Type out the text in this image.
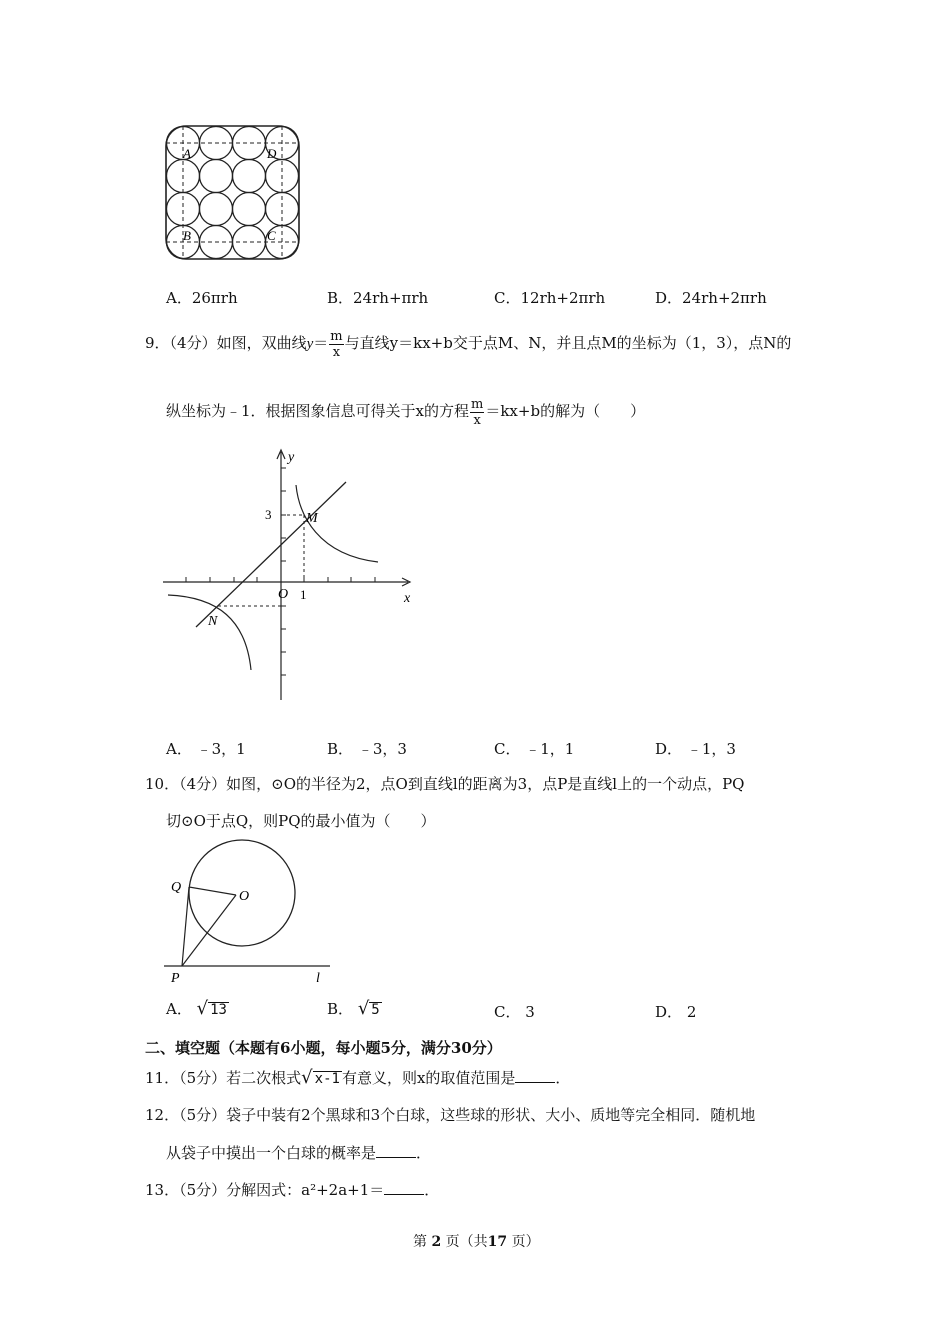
A	D
B	C
A．26πrh	B．24rh+πrh	C．12rh+2πrh	D．24rh+2πrh
9．（4分）如图，双曲线$y= \frac{m}{x}$ 与直线y＝kx+b交于点M、N，并且点M的坐标为（1，3），点N的
纵坐标为﹣1．根据图象信息可得关于x的方程 $\frac{m}{x} =kx+b$的解为（　　）
y
x
O 1
3 M
N
A． ﹣3，1	B． ﹣3，3	C． ﹣1，1	D． ﹣1，3
10．（4分）如图，⊙O的半径为2，点O到直线l的距离为3，点P是直线l上的一个动点，PQ
切⊙O于点Q，则PQ的最小值为（　　）
Q
O
P	l
A． √ 13	B． √ 5	C． 3	D． 2
二、填空题（本题有6小题，每小题5分，满分30分）
11．（5分）若二次根式√ x-1 有意义，则x的取值范围是	．
12．（5分）袋子中装有2个黑球和3个白球，这些球的形状、大小、质地等完全相同．随机地
从袋子中摸出一个白球的概率是	．
13．（5分）分解因式：a²+2a+1＝	．
第 2 页（共17 页）
